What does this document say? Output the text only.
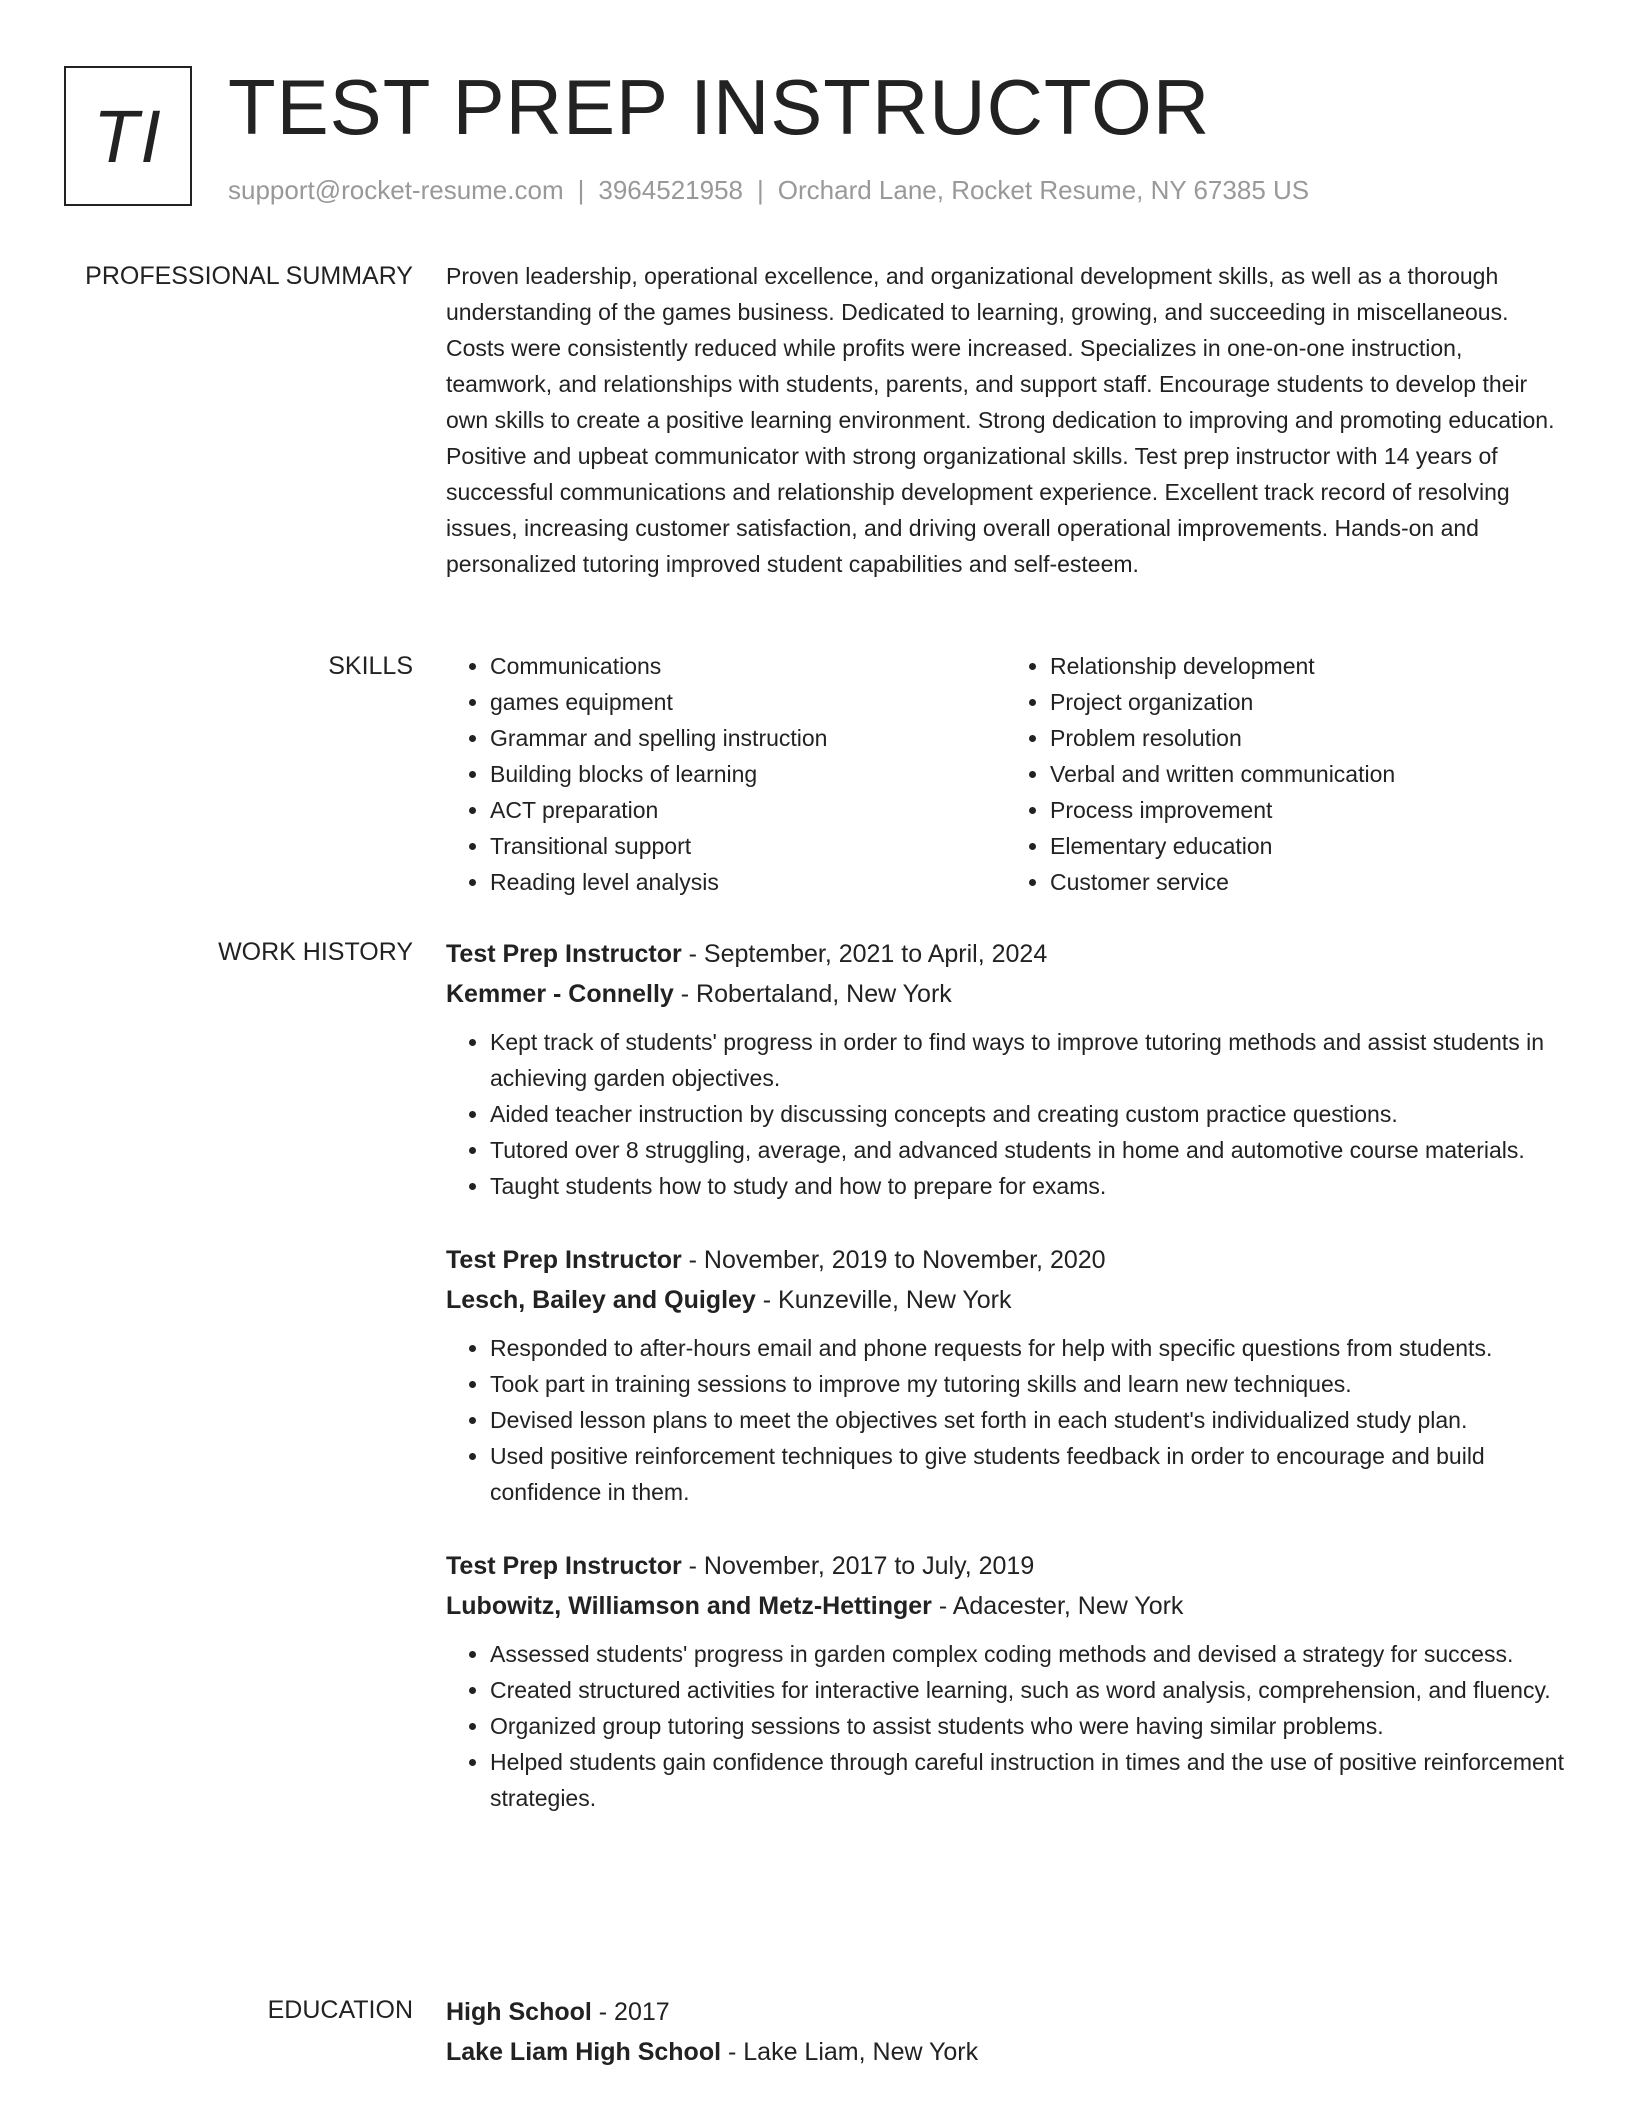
TI TEST PREP INSTRUCTOR
support@rocket-resume.com | 3964521958 | Orchard Lane, Rocket Resume, NY 67385 US
PROFESSIONAL SUMMARY Proven leadership, operational excellence, and organizational development skills, as well as a thorough understanding of the games business. Dedicated to learning, growing, and succeeding in miscellaneous. Costs were consistently reduced while profits were increased. Specializes in one-on-one instruction, teamwork, and relationships with students, parents, and support staff. Encourage students to develop their own skills to create a positive learning environment. Strong dedication to improving and promoting education. Positive and upbeat communicator with strong organizational skills. Test prep instructor with 14 years of successful communications and relationship development experience. Excellent track record of resolving issues, increasing customer satisfaction, and driving overall operational improvements. Hands-on and personalized tutoring improved student capabilities and self-esteem.

SKILLS
•	Communications
• games equipment
• Grammar and spelling instruction
• Building blocks of learning
• ACT preparation
• Transitional support
• Reading level analysis
• Relationship development
• Project organization
• Problem resolution
• Verbal and written communication
• Process improvement
• Elementary education
• Customer service
WORK HISTORY Test Prep Instructor - September, 2021 to April, 2024
Kemmer - Connelly - Robertaland, New York
• Kept track of students' progress in order to find ways to improve tutoring methods and assist students in achieving garden objectives.
• Aided teacher instruction by discussing concepts and creating custom practice questions.
• Tutored over 8 struggling, average, and advanced students in home and automotive course materials.
• Taught students how to study and how to prepare for exams.
Test Prep Instructor - November, 2019 to November, 2020
Lesch, Bailey and Quigley - Kunzeville, New York
• Responded to after-hours email and phone requests for help with specific questions from students.
• Took part in training sessions to improve my tutoring skills and learn new techniques.
• Devised lesson plans to meet the objectives set forth in each student's individualized study plan.
• Used positive reinforcement techniques to give students feedback in order to encourage and build confidence in them.
Test Prep Instructor - November, 2017 to July, 2019
Lubowitz, Williamson and Metz-Hettinger - Adacester, New York
• Assessed students' progress in garden complex coding methods and devised a strategy for success.
• Created structured activities for interactive learning, such as word analysis, comprehension, and fluency.
• Organized group tutoring sessions to assist students who were having similar problems.
• Helped students gain confidence through careful instruction in times and the use of positive reinforcement strategies.
EDUCATION High School - 2017
Lake Liam High School - Lake Liam, New York
